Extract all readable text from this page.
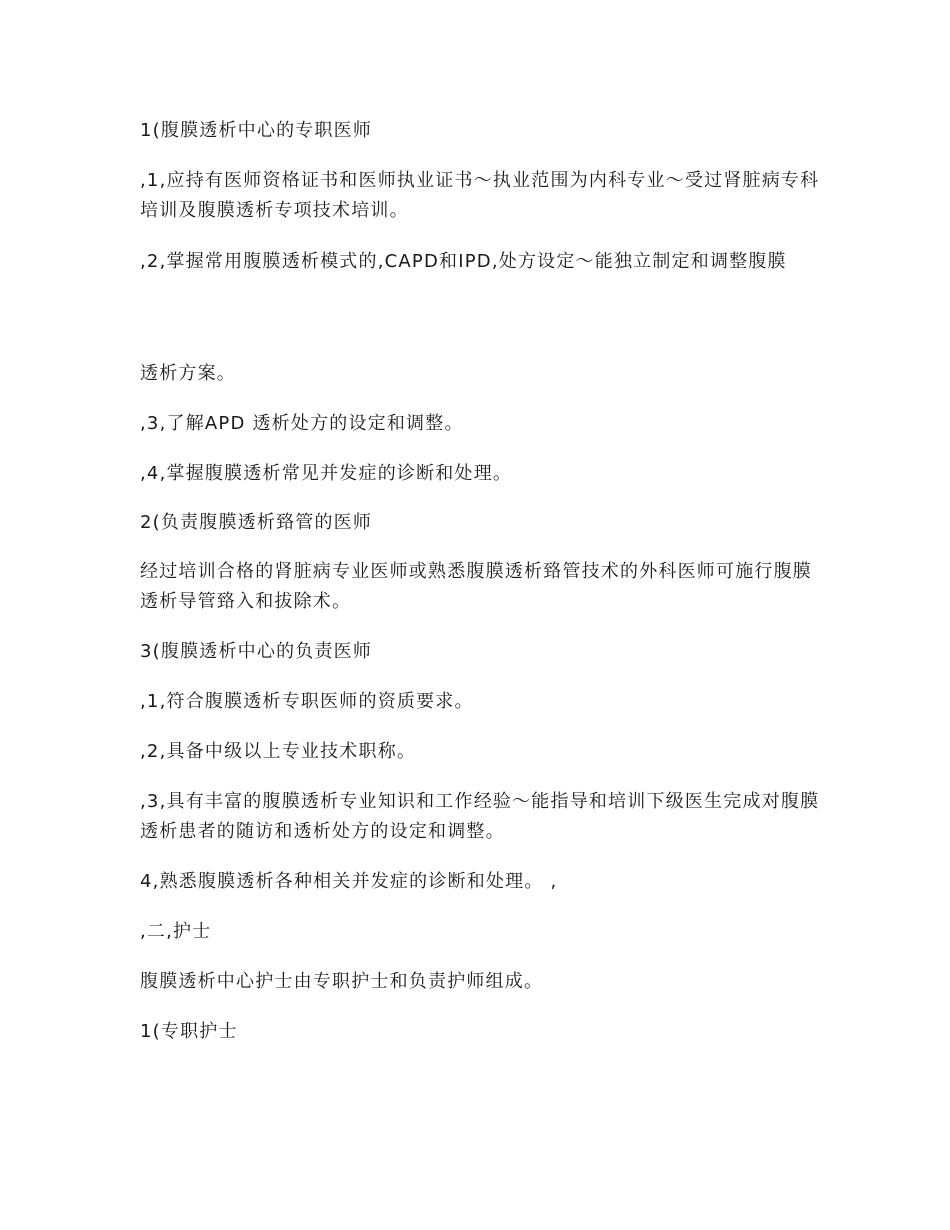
1(腹膜透析中心的专职医师

,1,应持有医师资格证书和医师执业证书～执业范围为内科专业～受过肾脏病专科培训及腹膜透析专项技术培训。

,2,掌握常用腹膜透析模式的,CAPD和IPD,处方设定～能独立制定和调整腹膜

透析方案。

,3,了解APD 透析处方的设定和调整。

,4,掌握腹膜透析常见并发症的诊断和处理。

2(负责腹膜透析臵管的医师

经过培训合格的肾脏病专业医师或熟悉腹膜透析臵管技术的外科医师可施行腹膜透析导管臵入和拔除术。

3(腹膜透析中心的负责医师

,1,符合腹膜透析专职医师的资质要求。

,2,具备中级以上专业技术职称。

,3,具有丰富的腹膜透析专业知识和工作经验～能指导和培训下级医生完成对腹膜透析患者的随访和透析处方的设定和调整。

4,熟悉腹膜透析各种相关并发症的诊断和处理。 ,

,二,护士

腹膜透析中心护士由专职护士和负责护师组成。

1(专职护士
